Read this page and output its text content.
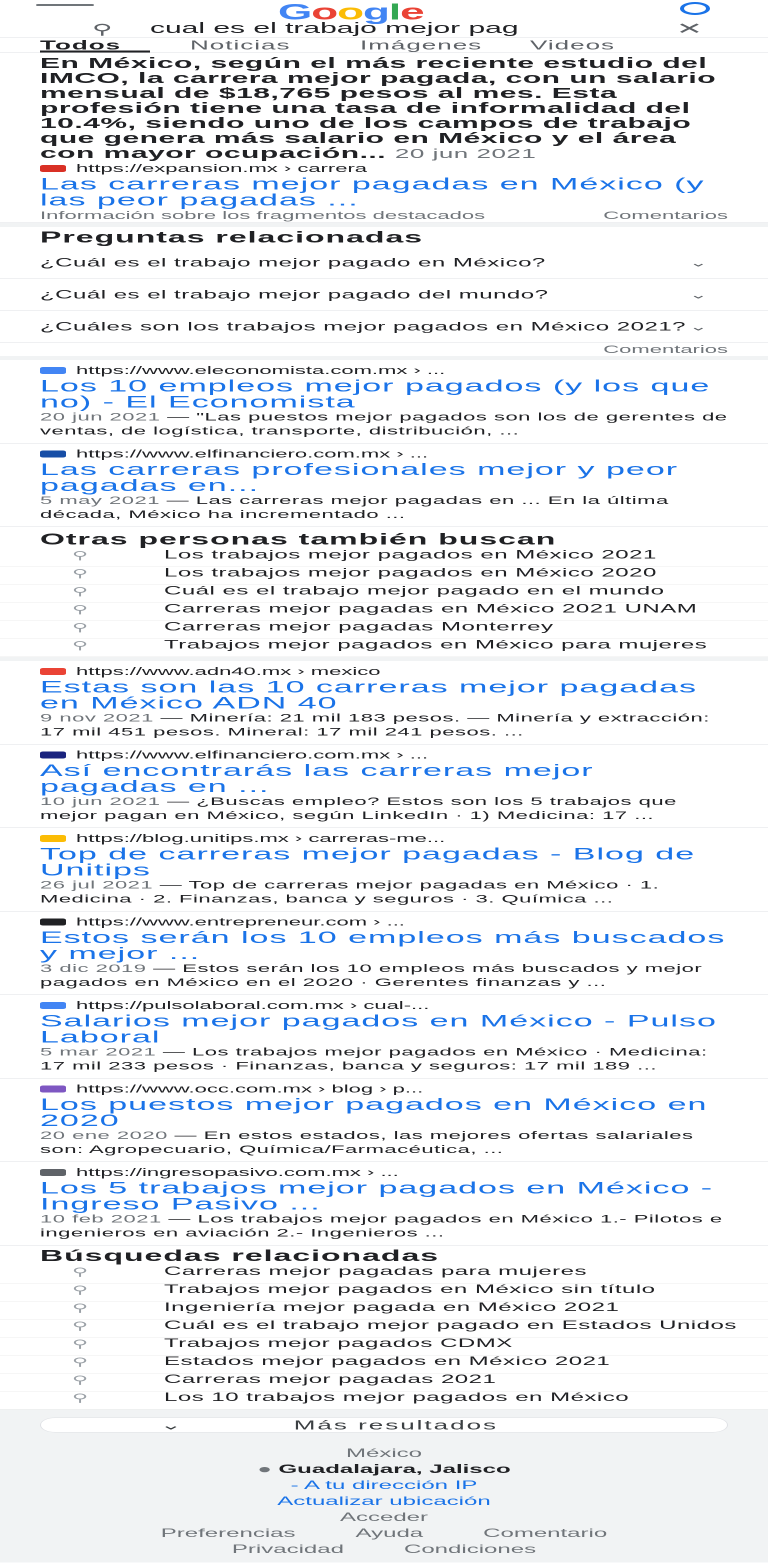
Google
⚲ cual es el trabajo mejor pag	✕
Todos	Noticias	Imágenes	Videos

En México, según el más reciente estudio del IMCO, la carrera mejor pagada, con un salario mensual de $18,765 pesos al mes. Esta profesión tiene una tasa de informalidad del 10.4%, siendo uno de los campos de trabajo que genera más salario en México y el área con mayor ocupación... 20 jun 2021

https://expansion.mx › carrera
Las carreras mejor pagadas en México (y las peor pagadas ...
Información sobre los fragmentos destacados	Comentarios
Preguntas relacionadas
¿Cuál es el trabajo mejor pagado en México?	⌄
¿Cuál es el trabajo mejor pagado del mundo?	⌄
¿Cuáles son los trabajos mejor pagados en México 2021? ⌄
Comentarios
https://www.eleconomista.com.mx › ...
Los 10 empleos mejor pagados (y los que no) - El Economista
20 jun 2021 — "Las puestos mejor pagados son los de gerentes de ventas, de logística, transporte, distribución, ...
https://www.elfinanciero.com.mx › ...
Las carreras profesionales mejor y peor pagadas en...
5 may 2021 — Las carreras mejor pagadas en ... En la última década, México ha incrementado ...
Otras personas también buscan
⚲	Los trabajos mejor pagados en México 2021
⚲	Los trabajos mejor pagados en México 2020
⚲	Cuál es el trabajo mejor pagado en el mundo
⚲	Carreras mejor pagadas en México 2021 UNAM
⚲	Carreras mejor pagadas Monterrey
⚲	Trabajos mejor pagados en México para mujeres
https://www.adn40.mx › mexico
Estas son las 10 carreras mejor pagadas en México ADN 40
9 nov 2021 — Minería: 21 mil 183 pesos. — Minería y extracción: 17 mil 451 pesos. Mineral: 17 mil 241 pesos. ...
https://www.elfinanciero.com.mx › ...
Así encontrarás las carreras mejor pagadas en ...
10 jun 2021 — ¿Buscas empleo? Estos son los 5 trabajos que mejor pagan en México, según LinkedIn · 1) Medicina: 17 ...
https://blog.unitips.mx › carreras-me...
Top de carreras mejor pagadas - Blog de Unitips
26 jul 2021 — Top de carreras mejor pagadas en México · 1. Medicina · 2. Finanzas, banca y seguros · 3. Química ...
https://www.entrepreneur.com › ...
Estos serán los 10 empleos más buscados y mejor ...
3 dic 2019 — Estos serán los 10 empleos más buscados y mejor pagados en México en el 2020 · Gerentes finanzas y ...
https://pulsolaboral.com.mx › cual-...
Salarios mejor pagados en México - Pulso Laboral
5 mar 2021 — Los trabajos mejor pagados en México · Medicina: 17 mil 233 pesos · Finanzas, banca y seguros: 17 mil 189 ...
https://www.occ.com.mx › blog › p...
Los puestos mejor pagados en México en 2020
20 ene 2020 — En estos estados, las mejores ofertas salariales son: Agropecuario, Química/Farmacéutica, ...
https://ingresopasivo.com.mx › ...
Los 5 trabajos mejor pagados en México - Ingreso Pasivo ...
10 feb 2021 — Los trabajos mejor pagados en México 1.- Pilotos e ingenieros en aviación 2.- Ingenieros ...
Búsquedas relacionadas
⚲	Carreras mejor pagadas para mujeres
⚲	Trabajos mejor pagados en México sin título
⚲	Ingeniería mejor pagada en México 2021
⚲	Cuál es el trabajo mejor pagado en Estados Unidos
⚲	Trabajos mejor pagados CDMX
⚲	Estados mejor pagados en México 2021
⚲	Carreras mejor pagadas 2021
⚲	Los 10 trabajos mejor pagados en México
⌄	Más resultados
México
● Guadalajara, Jalisco
- A tu dirección IP
Actualizar ubicación
Acceder
Preferencias	Ayuda	Comentario
Privacidad	Condiciones
